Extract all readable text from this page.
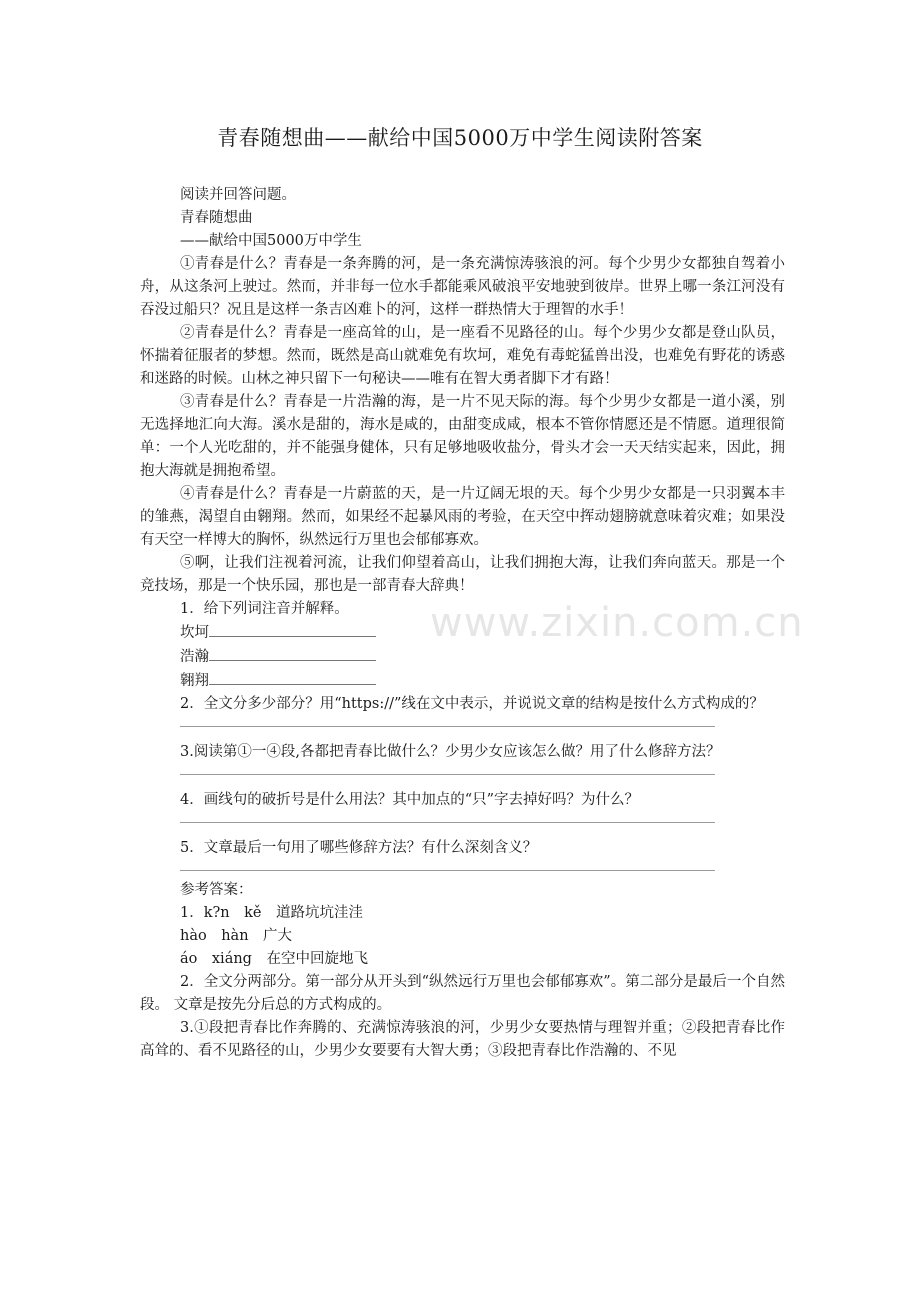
青春随想曲——献给中国5000万中学生阅读附答案

阅读并回答问题。

青春随想曲

——献给中国5000万中学生

①青春是什么？青春是一条奔腾的河，是一条充满惊涛骇浪的河。每个少男少女都独自驾着小舟，从这条河上驶过。然而，并非每一位水手都能乘风破浪平安地驶到彼岸。世界上哪一条江河没有吞没过船只？况且是这样一条吉凶难卜的河，这样一群热情大于理智的水手！

②青春是什么？青春是一座高耸的山，是一座看不见路径的山。每个少男少女都是登山队员，怀揣着征服者的梦想。然而，既然是高山就难免有坎坷，难免有毒蛇猛兽出没，也难免有野花的诱惑和迷路的时候。山林之神只留下一句秘诀——唯有在智大勇者脚下才有路！

③青春是什么？青春是一片浩瀚的海，是一片不见天际的海。每个少男少女都是一道小溪，别无选择地汇向大海。溪水是甜的，海水是咸的，由甜变成咸，根本不管你情愿还是不情愿。道理很简单：一个人光吃甜的，并不能强身健体，只有足够地吸收盐分，骨头才会一天天结实起来，因此，拥抱大海就是拥抱希望。

④青春是什么？青春是一片蔚蓝的天，是一片辽阔无垠的天。每个少男少女都是一只羽翼本丰的雏燕，渴望自由翱翔。然而，如果经不起暴风雨的考验，在天空中挥动翅膀就意味着灾难；如果没有天空一样博大的胸怀，纵然远行万里也会郁郁寡欢。

⑤啊，让我们注视着河流，让我们仰望着高山，让我们拥抱大海，让我们奔向蓝天。那是一个竞技场，那是一个快乐园，那也是一部青春大辞典！

1．给下列词注音并解释。

坎坷
浩瀚
翱翔

2．全文分多少部分？用“https://”线在文中表示，并说说文章的结构是按什么方式构成的？

3.阅读第①一④段,各都把青春比做什么？少男少女应该怎么做？用了什么修辞方法？

4．画线句的破折号是什么用法？其中加点的“只”字去掉好吗？为什么？

5．文章最后一句用了哪些修辞方法？有什么深刻含义？

参考答案：

1．k?n　kě　道路坑坑洼洼

hào　hàn　广大

áo　xiáng　在空中回旋地飞

2．全文分两部分。第一部分从开头到“纵然远行万里也会郁郁寡欢”。第二部分是最后一个自然段。 文章是按先分后总的方式构成的。

3.①段把青春比作奔腾的、充满惊涛骇浪的河，少男少女要热情与理智并重；②段把青春比作高耸的、看不见路径的山，少男少女要要有大智大勇；③段把青春比作浩瀚的、不见

www.zixin.com.cn
